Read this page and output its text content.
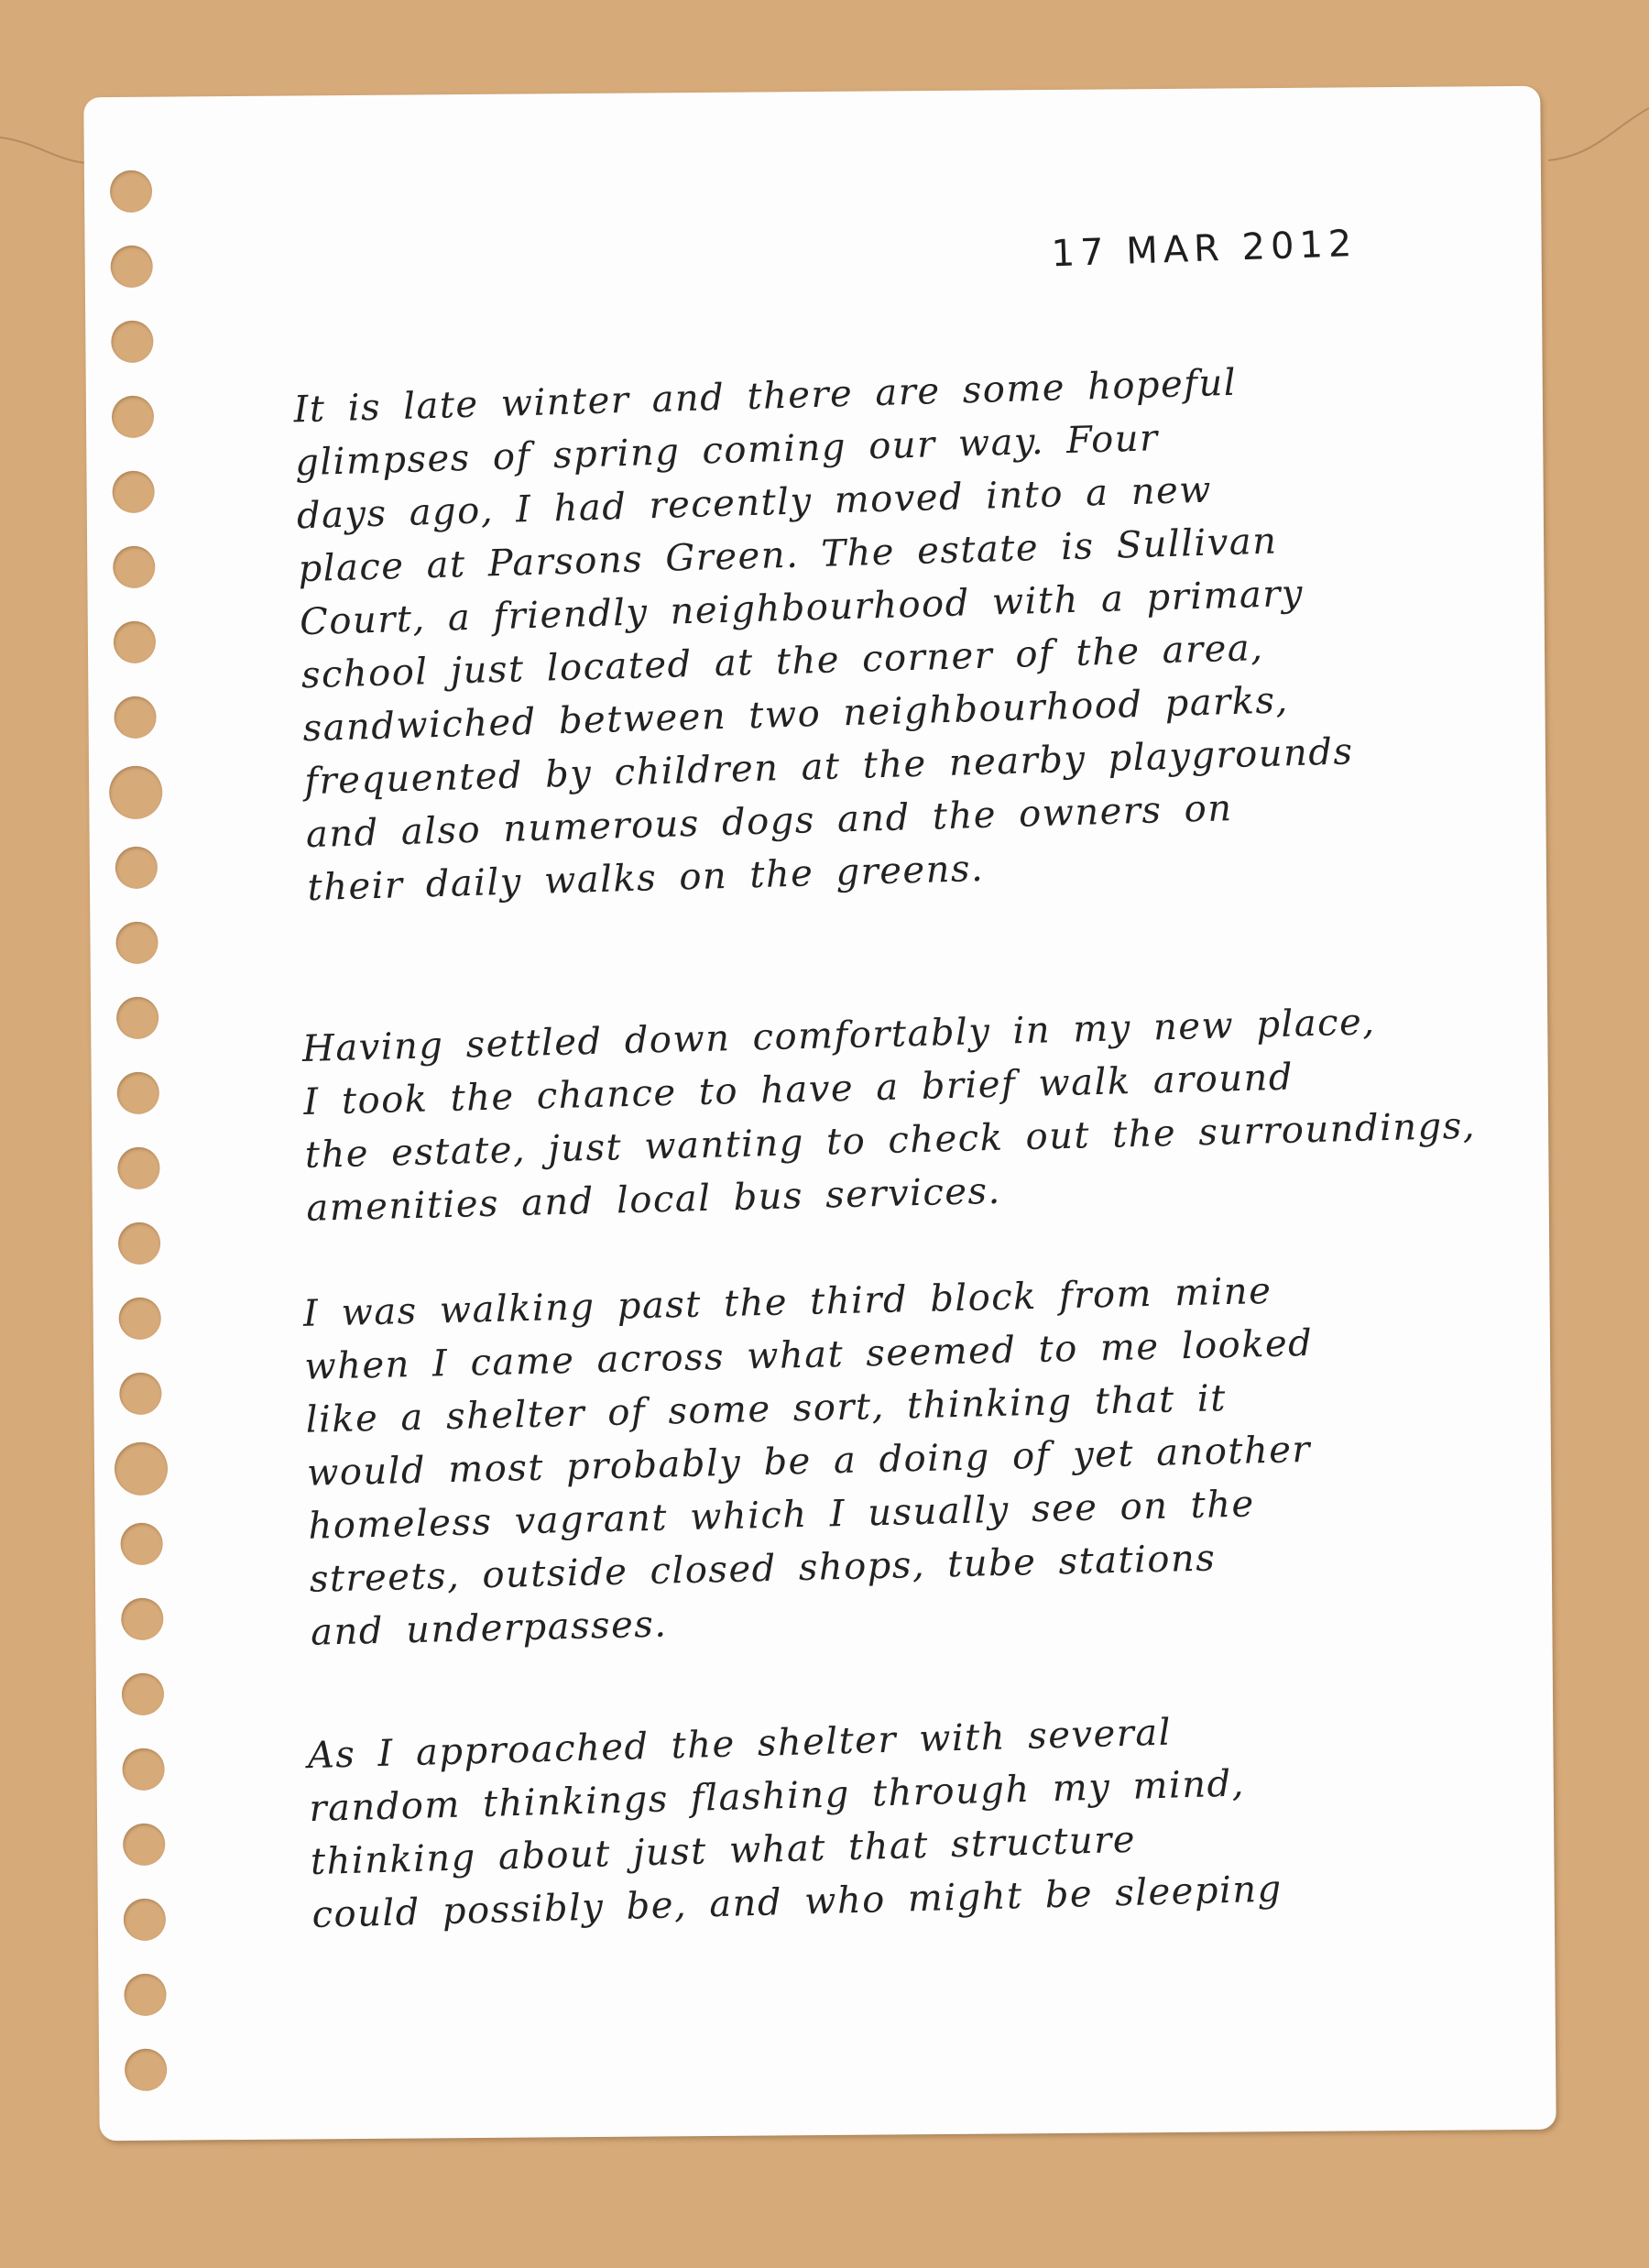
17 MAR 2012
It is late winter and there are some hopeful
glimpses of spring coming our way. Four
days ago, I had recently moved into a new
place at Parsons Green. The estate is Sullivan
Court, a friendly neighbourhood with a primary
school just located at the corner of the area,
sandwiched between two neighbourhood parks,
frequented by children at the nearby playgrounds
and also numerous dogs and the owners on
their daily walks on the greens.
Having settled down comfortably in my new place,
I took the chance to have a brief walk around
the estate, just wanting to check out the surroundings,
amenities and local bus services.
I was walking past the third block from mine
when I came across what seemed to me looked
like a shelter of some sort, thinking that it
would most probably be a doing of yet another
homeless vagrant which I usually see on the
streets, outside closed shops, tube stations
and underpasses.
As I approached the shelter with several
random thinkings flashing through my mind,
thinking about just what that structure
could possibly be, and who might be sleeping
